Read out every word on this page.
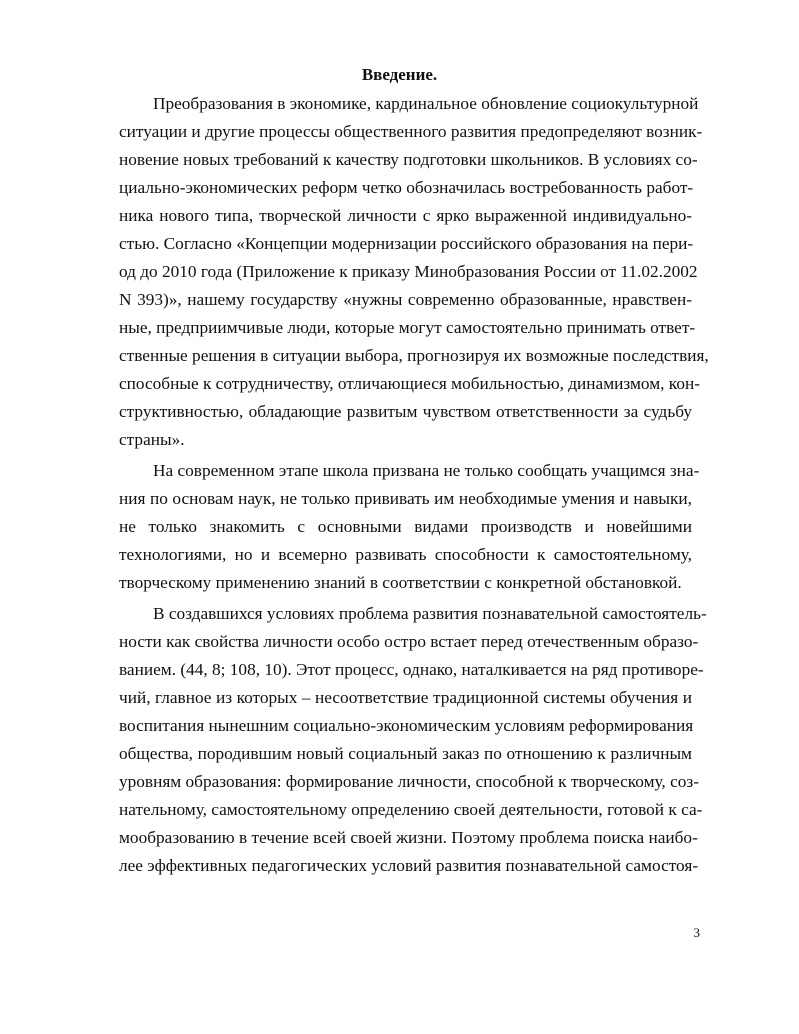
Введение.

Преобразования в экономике, кардинальное обновление социокультурной

ситуации и другие процессы общественного развития предопределяют возник-

новение новых требований к качеству подготовки школьников. В условиях со-

циально-экономических реформ четко обозначилась востребованность работ-

ника нового типа, творческой личности с ярко выраженной индивидуально-

стью. Согласно «Концепции модернизации российского образования на пери-

од до 2010 года (Приложение к приказу Минобразования России от 11.02.2002

N 393)», нашему государству «нужны современно образованные, нравствен-

ные, предприимчивые люди, которые могут самостоятельно принимать ответ-

ственные решения в ситуации выбора, прогнозируя их возможные последствия,

способные к сотрудничеству, отличающиеся мобильностью, динамизмом, кон-

структивностью, обладающие развитым чувством ответственности за судьбу

страны».

На современном этапе школа призвана не только сообщать учащимся зна-

ния по основам наук, не только прививать им необходимые умения и навыки,

не только знакомить с основными видами производств и новейшими

технологиями, но и всемерно развивать способности к самостоятельному,

творческому применению знаний в соответствии с конкретной обстановкой.

В создавшихся условиях проблема развития познавательной самостоятель-

ности как свойства личности особо остро встает перед отечественным образо-

ванием. (44, 8; 108, 10). Этот процесс, однако, наталкивается на ряд противоре-

чий, главное из которых – несоответствие традиционной системы обучения и

воспитания нынешним социально-экономическим условиям реформирования

общества, породившим новый социальный заказ по отношению к различным

уровням образования: формирование личности, способной к творческому, соз-

нательному, самостоятельному определению своей деятельности, готовой к са-

мообразованию в течение всей своей жизни. Поэтому проблема поиска наибо-

лее эффективных педагогических условий развития познавательной самостоя-

3
